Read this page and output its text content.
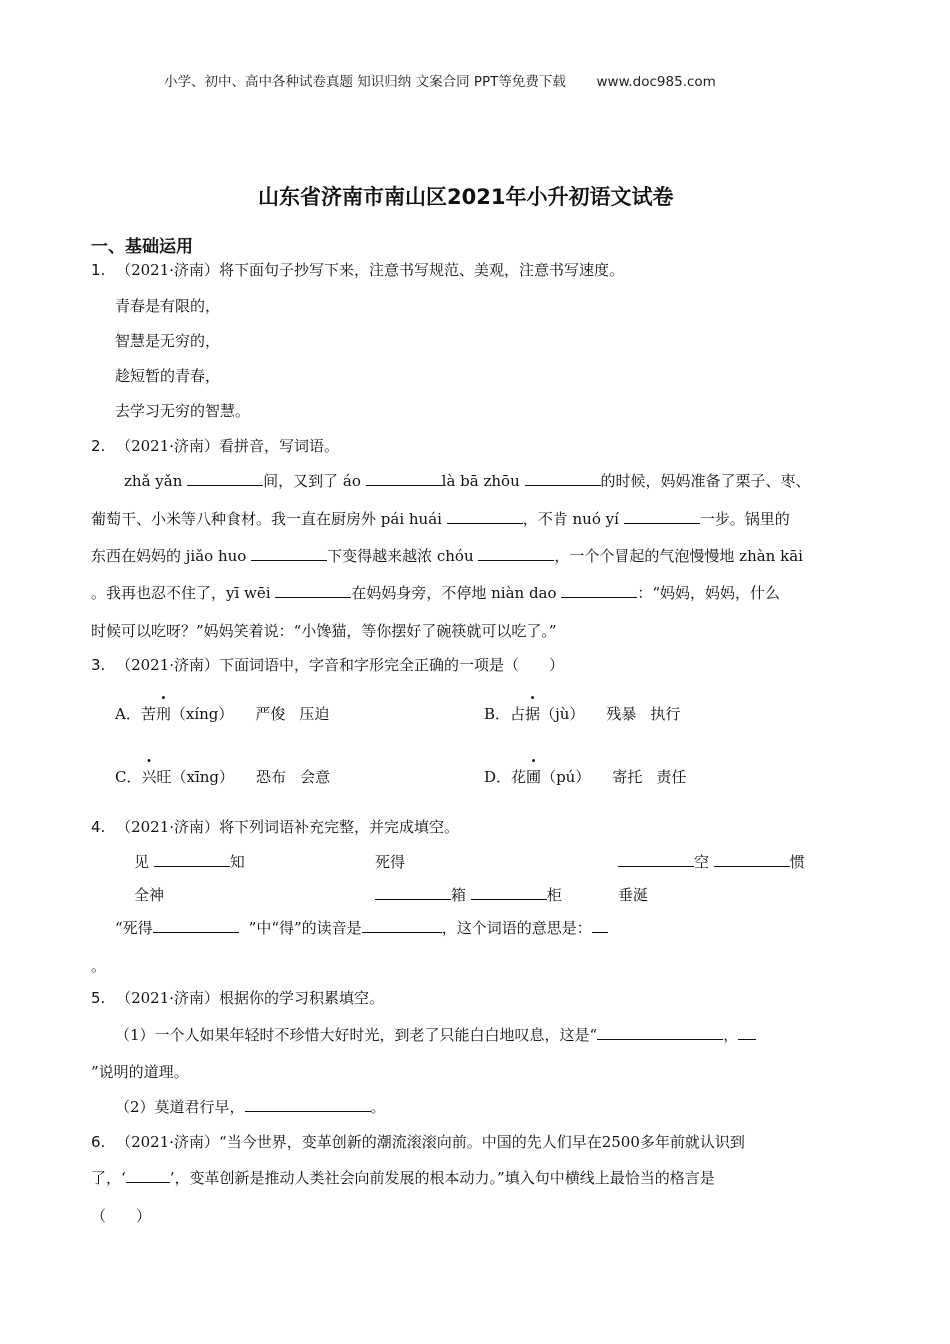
小学、初中、高中各种试卷真题 知识归纳 文案合同 PPT等免费下载 www.doc985.com
山东省济南市南山区2021年小升初语文试卷
一、基础运用
1. （2021·济南）将下面句子抄写下来，注意书写规范、美观，注意书写速度。
青春是有限的，
智慧是无穷的，
趁短暂的青春，
去学习无穷的智慧。
2. （2021·济南）看拼音，写词语。
zhǎ yǎn	间，又到了 áo	là bā zhōu	的时候，妈妈准备了栗子、枣、
葡萄干、小米等八种食材。我一直在厨房外 pái huái	，不肯 nuó yí	一步。锅里的
东西在妈妈的 jiǎo huo	下变得越来越浓 chóu	，一个个冒起的气泡慢慢地 zhàn kāi
。我再也忍不住了，yī wēi	在妈妈身旁，不停地 niàn dao	：“妈妈，妈妈，什么
时候可以吃呀？”妈妈笑着说：“小馋猫，等你摆好了碗筷就可以吃了。”
3. （2021·济南）下面词语中，字音和字形完全正确的一项是（　　）
A．苦刑（xíng） 严俊 压迫	B．占据（jù） 残暴 执行
C．兴旺（xīng） 恐布 会意	D．花圃（pú） 寄托 责任
4. （2021·济南）将下列词语补充完整，并完成填空。
见	知	死得	空	惯
全神	箱	柜	垂涎
“死得	”中“得”的读音是	，这个词语的意思是：
。
5. （2021·济南）根据你的学习积累填空。
（1）一个人如果年轻时不珍惜大好时光，到老了只能白白地叹息，这是“	，
”说明的道理。
（2）莫道君行早，	。
6. （2021·济南）“当今世界，变革创新的潮流滚滚向前。中国的先人们早在2500多年前就认识到
了，‘	’，变革创新是推动人类社会向前发展的根本动力。”填入句中横线上最恰当的格言是
（　　）
